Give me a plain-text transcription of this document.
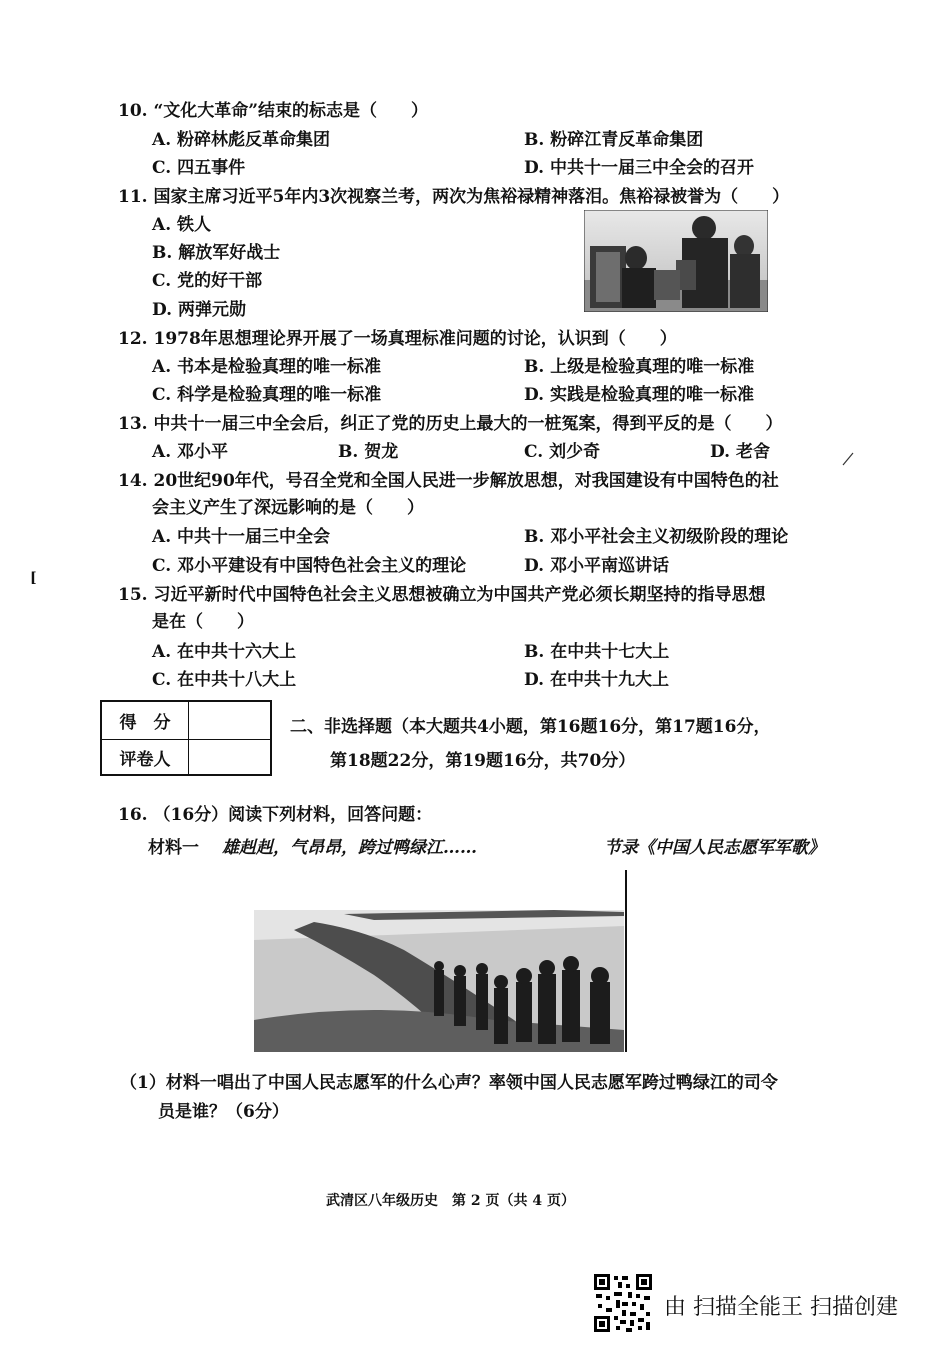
10. “文化大革命”结束的标志是（　　）
A. 粉碎林彪反革命集团	B. 粉碎江青反革命集团
C. 四五事件	D. 中共十一届三中全会的召开
11. 国家主席习近平5年内3次视察兰考，两次为焦裕禄精神落泪。焦裕禄被誉为（　　）
A. 铁人
B. 解放军好战士
C. 党的好干部
D. 两弹元勋
12. 1978年思想理论界开展了一场真理标准问题的讨论，认识到（　　）
A. 书本是检验真理的唯一标准	B. 上级是检验真理的唯一标准
C. 科学是检验真理的唯一标准	D. 实践是检验真理的唯一标准
13. 中共十一届三中全会后，纠正了党的历史上最大的一桩冤案，得到平反的是（　　）
A. 邓小平	B. 贺龙	C. 刘少奇	D. 老舍
14. 20世纪90年代，号召全党和全国人民进一步解放思想，对我国建设有中国特色的社
会主义产生了深远影响的是（　　）
A. 中共十一届三中全会	B. 邓小平社会主义初级阶段的理论
C. 邓小平建设有中国特色社会主义的理论	D. 邓小平南巡讲话
[
15. 习近平新时代中国特色社会主义思想被确立为中国共产党必须长期坚持的指导思想
是在（　　）
A. 在中共十六大上	B. 在中共十七大上
C. 在中共十八大上	D. 在中共十九大上
得　分
评卷人
二、非选择题（本大题共4小题，第16题16分，第17题16分，
第18题22分，第19题16分，共70分）
16. （16分）阅读下列材料，回答问题：
材料一 雄赳赳，气昂昂，跨过鸭绿江……	节录《中国人民志愿军军歌》
（1）材料一唱出了中国人民志愿军的什么心声？率领中国人民志愿军跨过鸭绿江的司令
员是谁？（6分）
武清区八年级历史　第 2 页（共 4 页）
由 扫描全能王 扫描创建
